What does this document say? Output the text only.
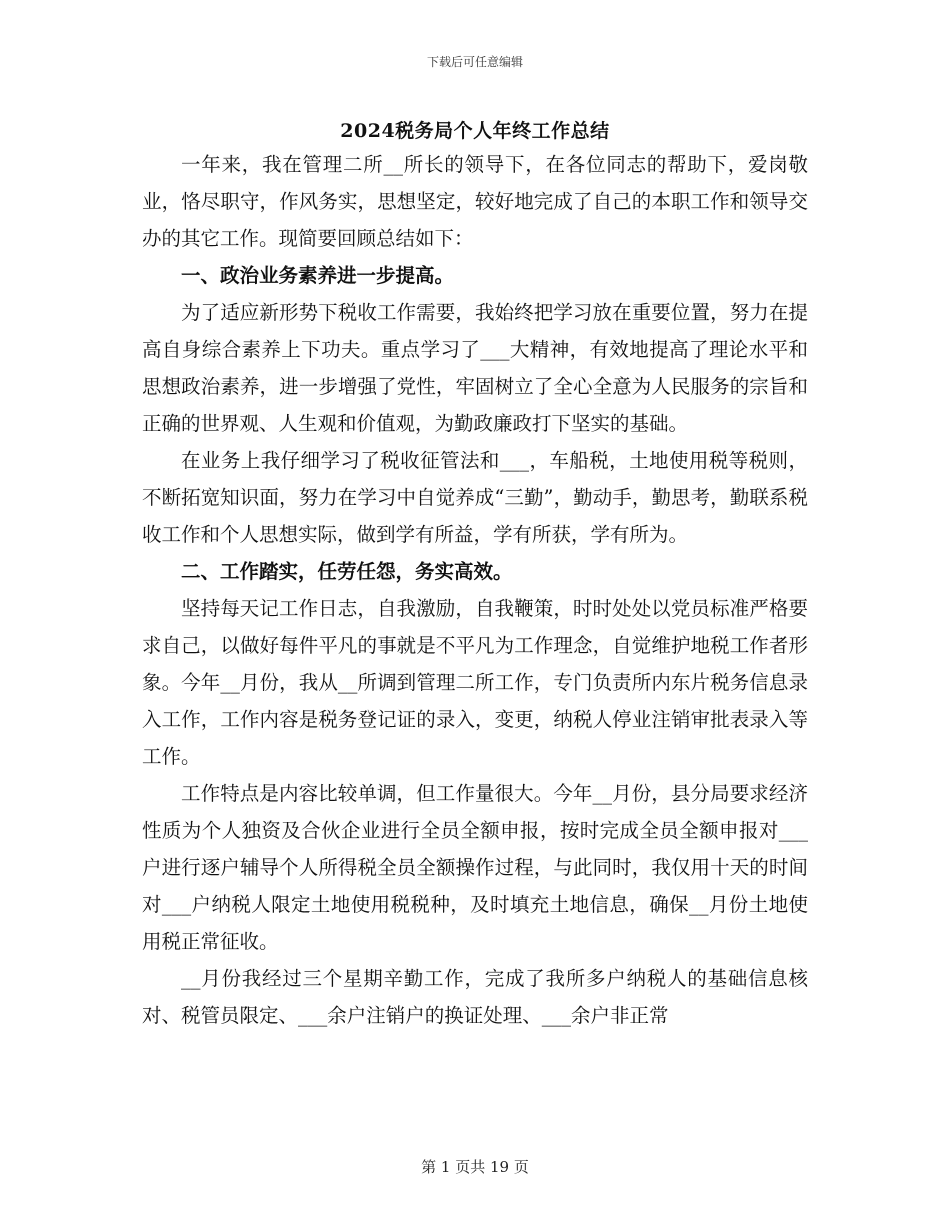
下载后可任意编辑
2024税务局个人年终工作总结

一年来，我在管理二所__所长的领导下，在各位同志的帮助下，爱岗敬业，恪尽职守，作风务实，思想坚定，较好地完成了自己的本职工作和领导交办的其它工作。现简要回顾总结如下：

一、政治业务素养进一步提高。

为了适应新形势下税收工作需要，我始终把学习放在重要位置，努力在提高自身综合素养上下功夫。重点学习了___大精神，有效地提高了理论水平和思想政治素养，进一步增强了党性，牢固树立了全心全意为人民服务的宗旨和正确的世界观、人生观和价值观，为勤政廉政打下坚实的基础。

在业务上我仔细学习了税收征管法和___，车船税，土地使用税等税则，不断拓宽知识面，努力在学习中自觉养成“三勤”，勤动手，勤思考，勤联系税收工作和个人思想实际，做到学有所益，学有所获，学有所为。

二、工作踏实，任劳任怨，务实高效。

坚持每天记工作日志，自我激励，自我鞭策，时时处处以党员标准严格要求自己，以做好每件平凡的事就是不平凡为工作理念，自觉维护地税工作者形象。今年__月份，我从__所调到管理二所工作，专门负责所内东片税务信息录入工作，工作内容是税务登记证的录入，变更，纳税人停业注销审批表录入等工作。

工作特点是内容比较单调，但工作量很大。今年__月份，县分局要求经济性质为个人独资及合伙企业进行全员全额申报，按时完成全员全额申报对___户进行逐户辅导个人所得税全员全额操作过程，与此同时，我仅用十天的时间对___户纳税人限定土地使用税税种，及时填充土地信息，确保__月份土地使用税正常征收。

__月份我经过三个星期辛勤工作，完成了我所多户纳税人的基础信息核对、税管员限定、___余户注销户的换证处理、___余户非正常

第 1 页共 19 页
